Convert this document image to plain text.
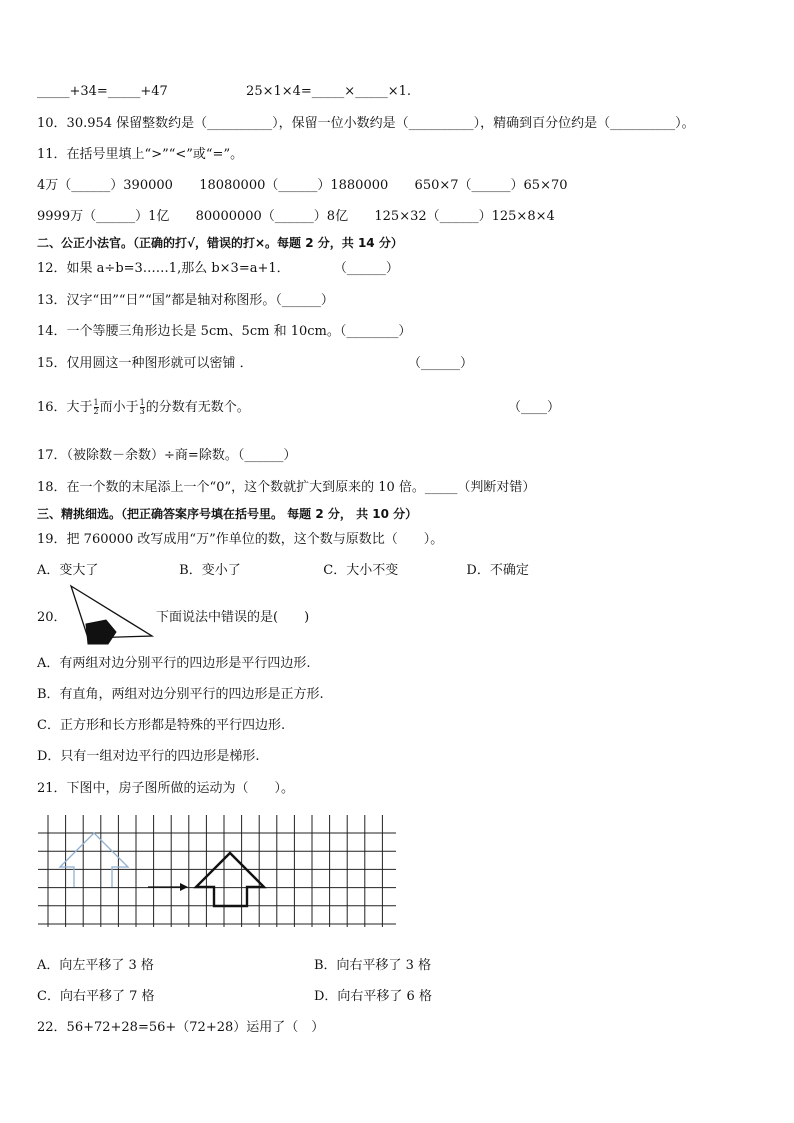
_____+34=_____+47	25×1×4=_____×_____×1.
10．30.954 保留整数约是（__________），保留一位小数约是（__________），精确到百分位约是（__________）。
11．在括号里填上“>”“<”或“=”。
4万（______）390000 18080000（______）1880000 650×7（______）65×70
9999万（______）1亿 80000000（______）8亿 125×32（______）125×8×4
二、公正小法官。（正确的打√，错误的打×。每题 2 分，共 14 分）
12．如果 a÷b=3……1,那么 b×3=a+1．	（______）
13．汉字“田”“日”“国”都是轴对称图形。（______）
14．一个等腰三角形边长是 5cm、5cm 和 10cm。（________）
15．仅用圆这一种图形就可以密铺 ．	（______）
16．大于 $\frac{1}{2}$ 而小于 $\frac{1}{3}$ 的分数有无数个。	（____）
17．（被除数－余数）÷商=除数。（______）
18．在一个数的末尾添上一个“0”，这个数就扩大到原来的 10 倍。_____（判断对错）
三、精挑细选。（把正确答案序号填在括号里。 每题 2 分， 共 10 分）
19．把 760000 改写成用“万”作单位的数，这个数与原数比（　　）。
A．变大了	B．变小了	C．大小不变	D．不确定
20．	下面说法中错误的是(　　)
A．有两组对边分别平行的四边形是平行四边形.
B．有直角，两组对边分别平行的四边形是正方形.
C．正方形和长方形都是特殊的平行四边形.
D．只有一组对边平行的四边形是梯形.
21．下图中，房子图所做的运动为（　　）。
A．向左平移了 3 格	B．向右平移了 3 格
C．向右平移了 7 格	D．向右平移了 6 格
22．56+72+28=56+（72+28）运用了（　）
